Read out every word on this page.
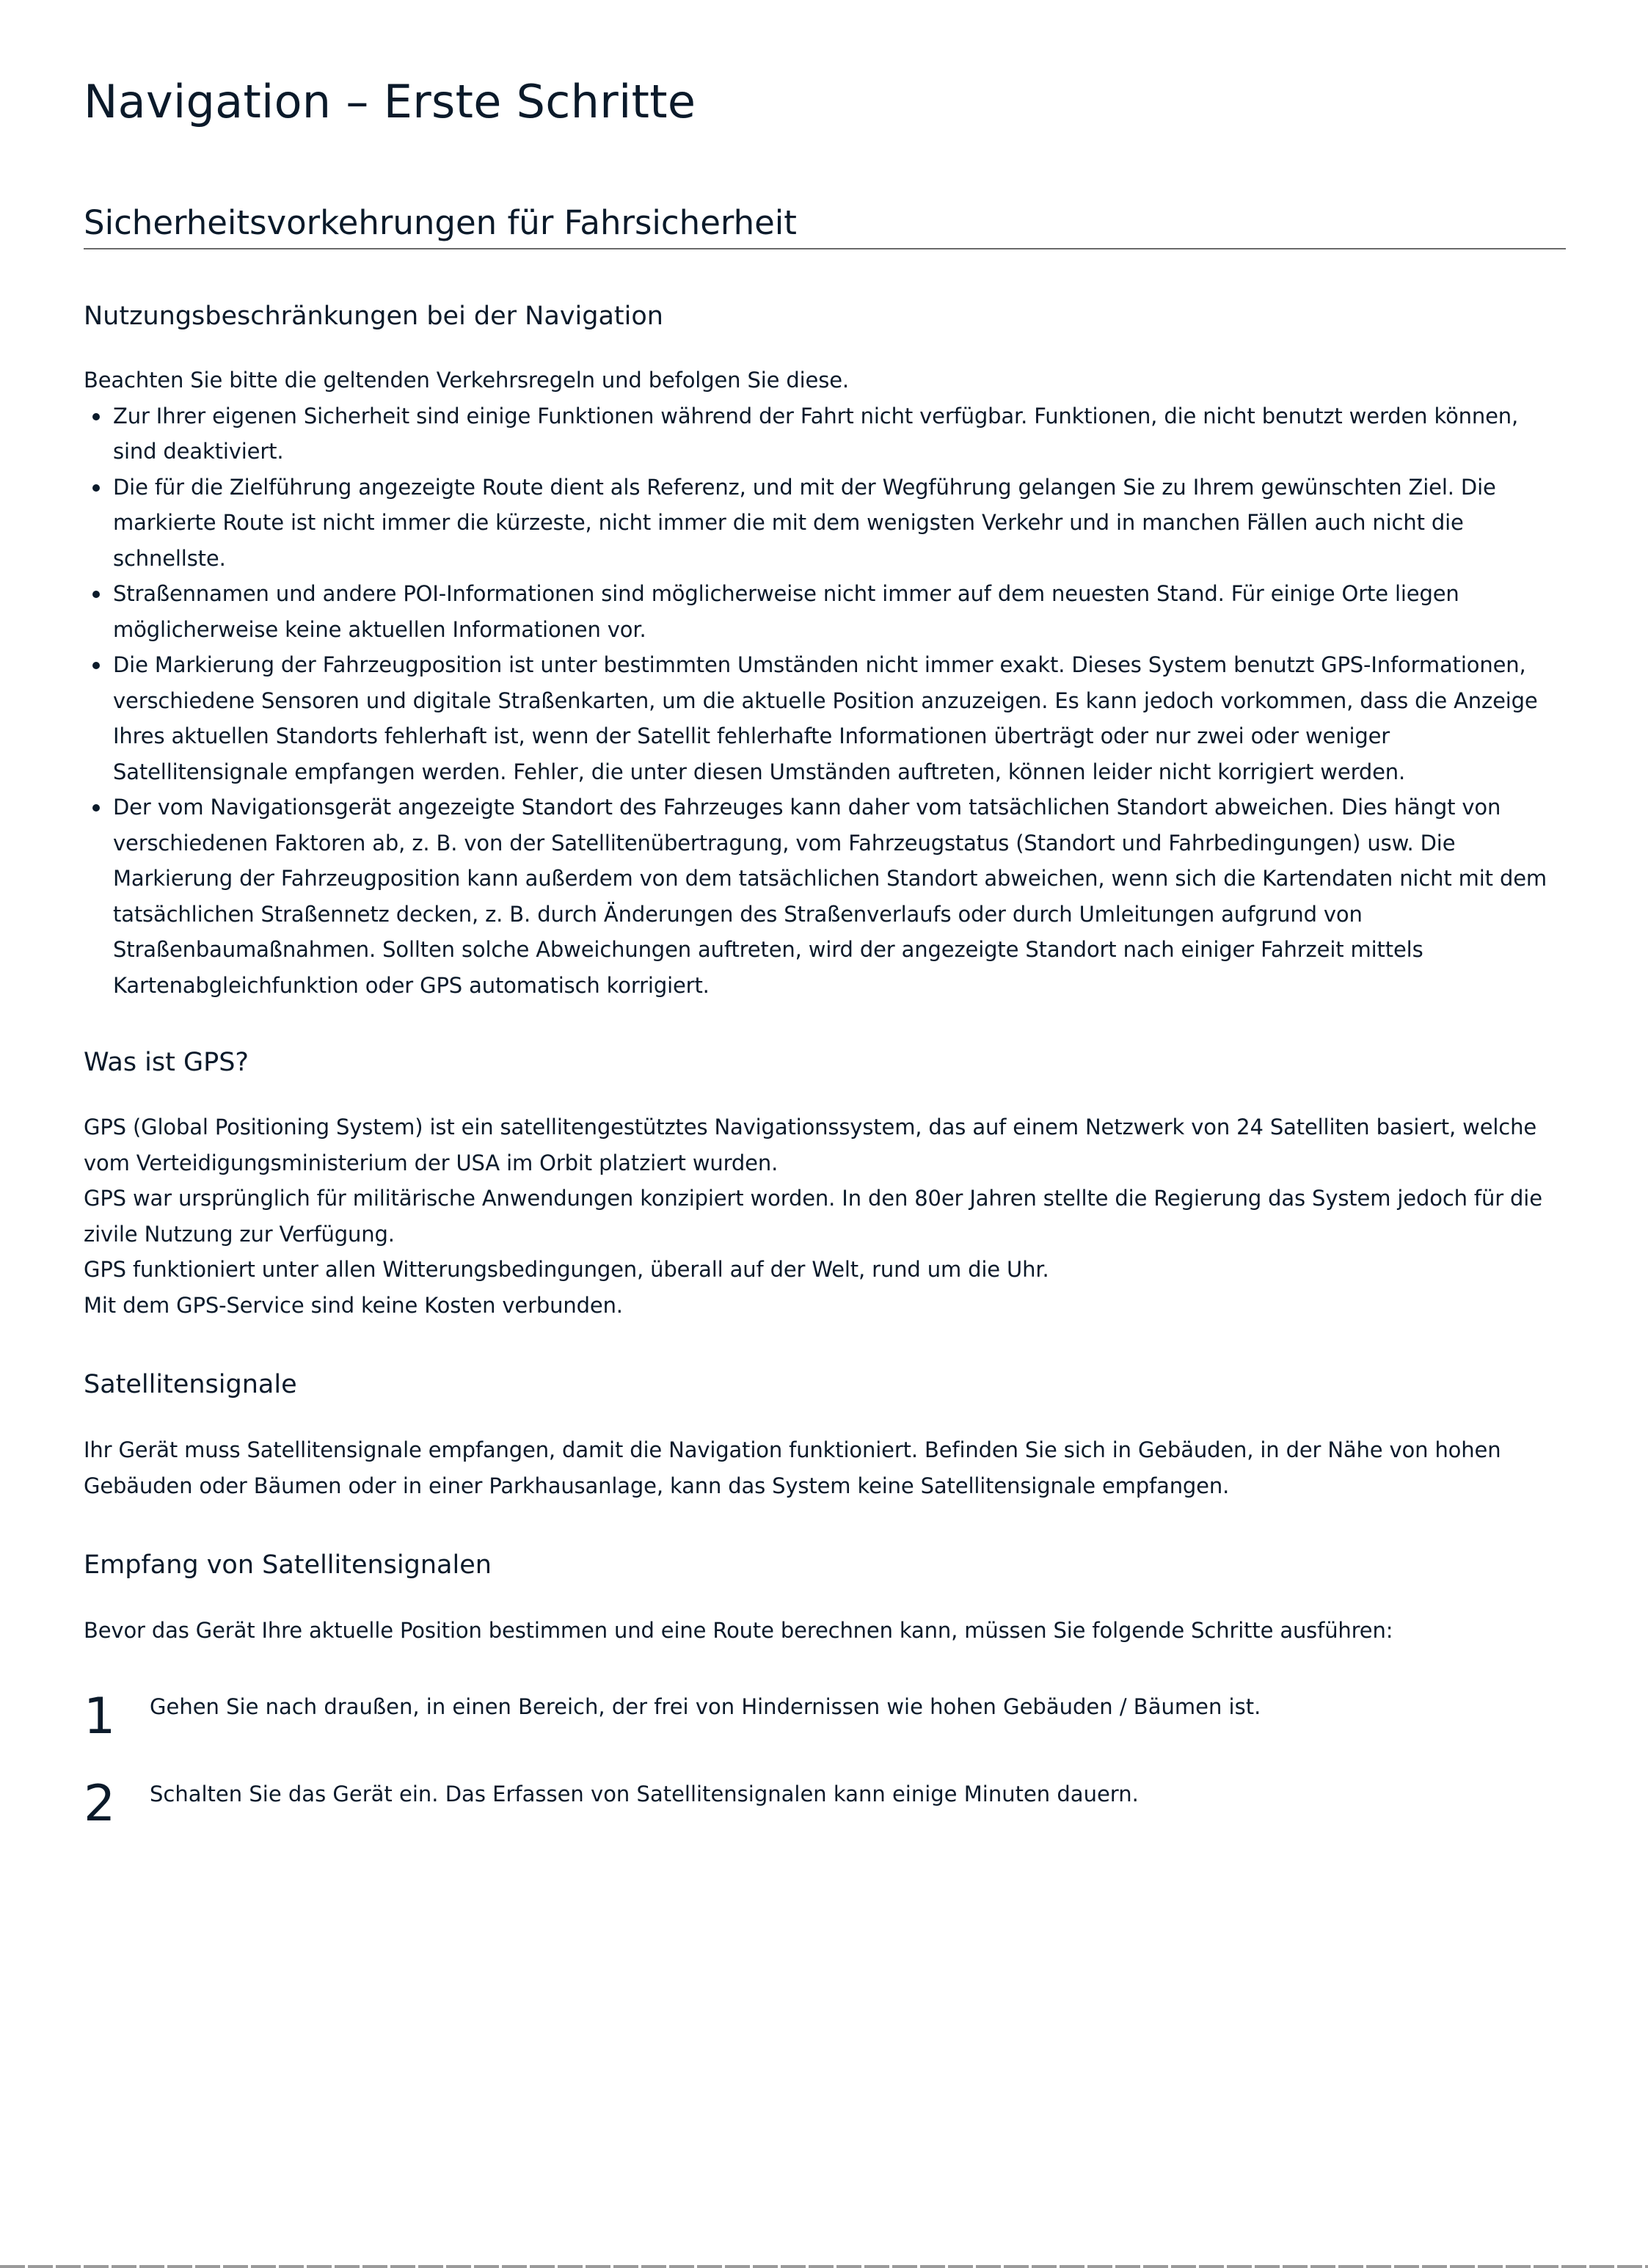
Navigation – Erste Schritte
Sicherheitsvorkehrungen für Fahrsicherheit
Nutzungsbeschränkungen bei der Navigation

Beachten Sie bitte die geltenden Verkehrsregeln und befolgen Sie diese.

Zur Ihrer eigenen Sicherheit sind einige Funktionen während der Fahrt nicht verfügbar. Funktionen, die nicht benutzt werden können, sind deaktiviert.
Die für die Zielführung angezeigte Route dient als Referenz, und mit der Wegführung gelangen Sie zu Ihrem gewünschten Ziel. Die markierte Route ist nicht immer die kürzeste, nicht immer die mit dem wenigsten Verkehr und in manchen Fällen auch nicht die schnellste.
Straßennamen und andere POI-Informationen sind möglicherweise nicht immer auf dem neuesten Stand. Für einige Orte liegen möglicherweise keine aktuellen Informationen vor.
Die Markierung der Fahrzeugposition ist unter bestimmten Umständen nicht immer exakt. Dieses System benutzt GPS-Informationen, verschiedene Sensoren und digitale Straßenkarten, um die aktuelle Position anzuzeigen. Es kann jedoch vorkommen, dass die Anzeige Ihres aktuellen Standorts fehlerhaft ist, wenn der Satellit fehlerhafte Informationen überträgt oder nur zwei oder weniger Satellitensignale empfangen werden. Fehler, die unter diesen Umständen auftreten, können leider nicht korrigiert werden.
Der vom Navigationsgerät angezeigte Standort des Fahrzeuges kann daher vom tatsächlichen Standort abweichen. Dies hängt von verschiedenen Faktoren ab, z. B. von der Satellitenübertragung, vom Fahrzeugstatus (Standort und Fahrbedingungen) usw. Die Markierung der Fahrzeugposition kann außerdem von dem tatsächlichen Standort abweichen, wenn sich die Kartendaten nicht mit dem tatsächlichen Straßennetz decken, z. B. durch Änderungen des Straßenverlaufs oder durch Umleitungen aufgrund von Straßenbaumaßnahmen. Sollten solche Abweichungen auftreten, wird der angezeigte Standort nach einiger Fahrzeit mittels Kartenabgleichfunktion oder GPS automatisch korrigiert.
Was ist GPS?

GPS (Global Positioning System) ist ein satellitengestütztes Navigationssystem, das auf einem Netzwerk von 24 Satelliten basiert, welche vom Verteidigungsministerium der USA im Orbit platziert wurden.

GPS war ursprünglich für militärische Anwendungen konzipiert worden. In den 80er Jahren stellte die Regierung das System jedoch für die zivile Nutzung zur Verfügung.

GPS funktioniert unter allen Witterungsbedingungen, überall auf der Welt, rund um die Uhr.

Mit dem GPS-Service sind keine Kosten verbunden.

Satellitensignale

Ihr Gerät muss Satellitensignale empfangen, damit die Navigation funktioniert. Befinden Sie sich in Gebäuden, in der Nähe von hohen Gebäuden oder Bäumen oder in einer Parkhausanlage, kann das System keine Satellitensignale empfangen.

Empfang von Satellitensignalen

Bevor das Gerät Ihre aktuelle Position bestimmen und eine Route berechnen kann, müssen Sie folgende Schritte ausführen:

1 Gehen Sie nach draußen, in einen Bereich, der frei von Hindernissen wie hohen Gebäuden / Bäumen ist.
2 Schalten Sie das Gerät ein. Das Erfassen von Satellitensignalen kann einige Minuten dauern.
